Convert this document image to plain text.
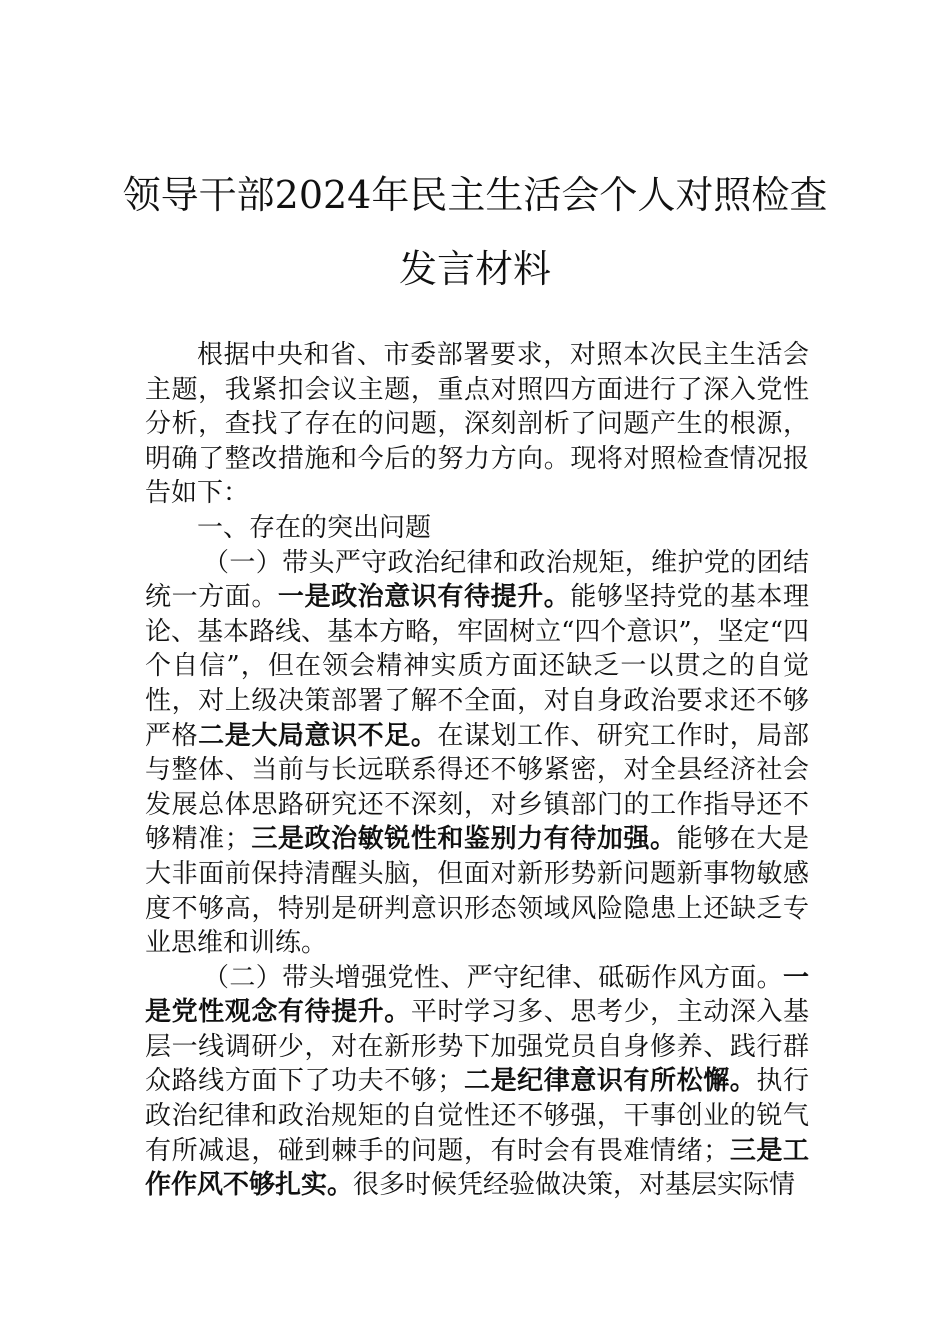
领导干部2024年民主生活会个人对照检查
发言材料

根据中央和省、市委部署要求，对照本次民主生活会主题，我紧扣会议主题，重点对照四方面进行了深入党性分析，查找了存在的问题，深刻剖析了问题产生的根源，明确了整改措施和今后的努力方向。现将对照检查情况报告如下：

一、存在的突出问题

（一）带头严守政治纪律和政治规矩，维护党的团结统一方面。一是政治意识有待提升。能够坚持党的基本理论、基本路线、基本方略，牢固树立“四个意识”，坚定“四个自信”，但在领会精神实质方面还缺乏一以贯之的自觉性，对上级决策部署了解不全面，对自身政治要求还不够严格二是大局意识不足。在谋划工作、研究工作时，局部与整体、当前与长远联系得还不够紧密，对全县经济社会发展总体思路研究还不深刻，对乡镇部门的工作指导还不够精准；三是政治敏锐性和鉴别力有待加强。能够在大是大非面前保持清醒头脑，但面对新形势新问题新事物敏感度不够高，特别是研判意识形态领域风险隐患上还缺乏专业思维和训练。

（二）带头增强党性、严守纪律、砥砺作风方面。一是党性观念有待提升。平时学习多、思考少，主动深入基层一线调研少，对在新形势下加强党员自身修养、践行群众路线方面下了功夫不够；二是纪律意识有所松懈。执行政治纪律和政治规矩的自觉性还不够强，干事创业的锐气有所减退，碰到棘手的问题，有时会有畏难情绪；三是工作作风不够扎实。很多时候凭经验做决策，对基层实际情
